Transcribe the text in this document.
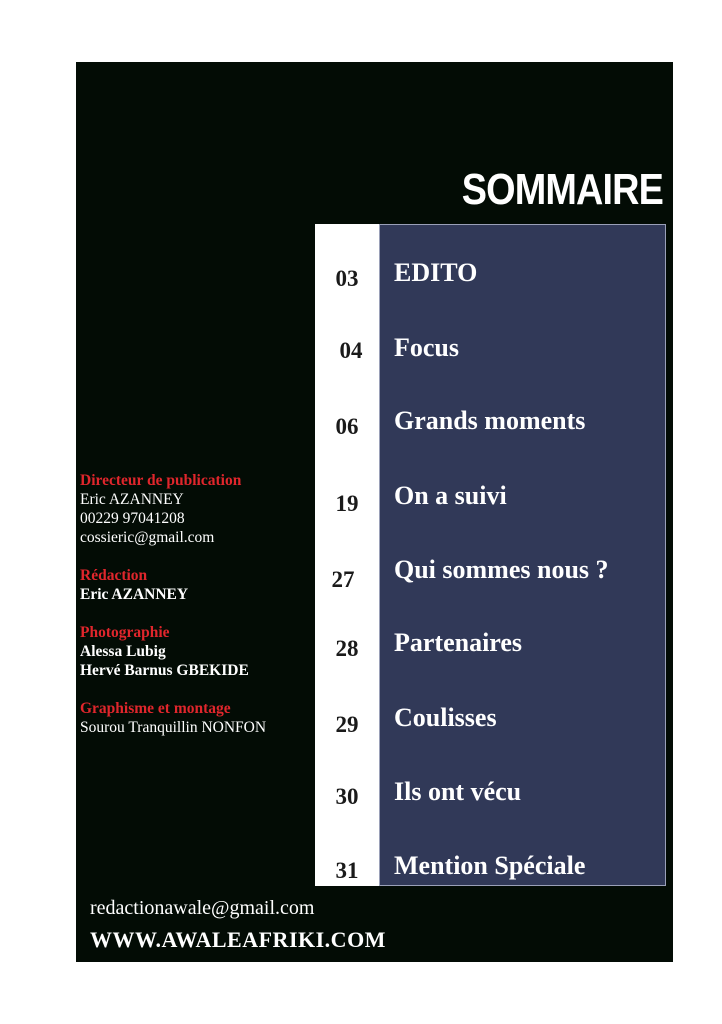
SOMMAIRE
03
04
06
19
27
28
29
30
31
EDITO
Focus
Grands moments
On a suivi
Qui sommes nous ?
Partenaires
Coulisses
Ils ont vécu
Mention Spéciale
Directeur de publication
Eric AZANNEY
00229 97041208
cossieric@gmail.com
Rédaction
Eric AZANNEY
Photographie
Alessa Lubig
Hervé Barnus GBEKIDE
Graphisme et montage
Sourou Tranquillin NONFON
redactionawale@gmail.com
WWW.AWALEAFRIKI.COM
